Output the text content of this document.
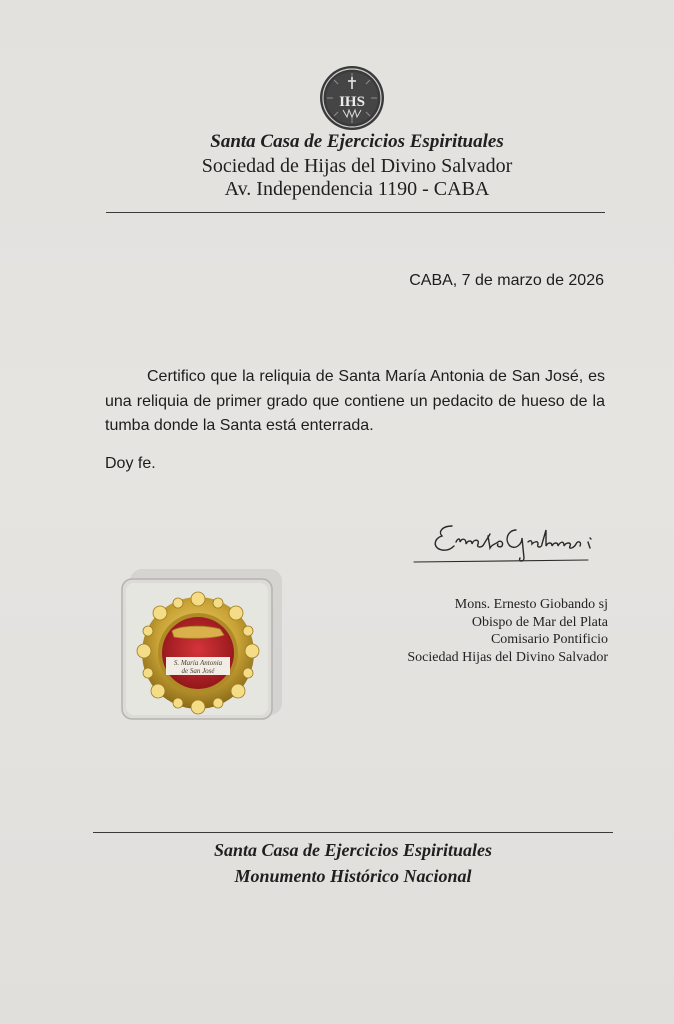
IHS
Santa Casa de Ejercicios Espirituales
Sociedad de Hijas del Divino Salvador
Av. Independencia 1190 - CABA
CABA, 7 de marzo de 2026
Certifico que la reliquia de Santa María Antonia de San José, es una reliquia de primer grado que contiene un pedacito de hueso de la tumba donde la Santa está enterrada.
Doy fe.
Mons. Ernesto Giobando sj
Obispo de Mar del Plata
Comisario Pontificio
Sociedad Hijas del Divino Salvador
S. María Antonia
de San José
Santa Casa de Ejercicios Espirituales
Monumento Histórico Nacional
